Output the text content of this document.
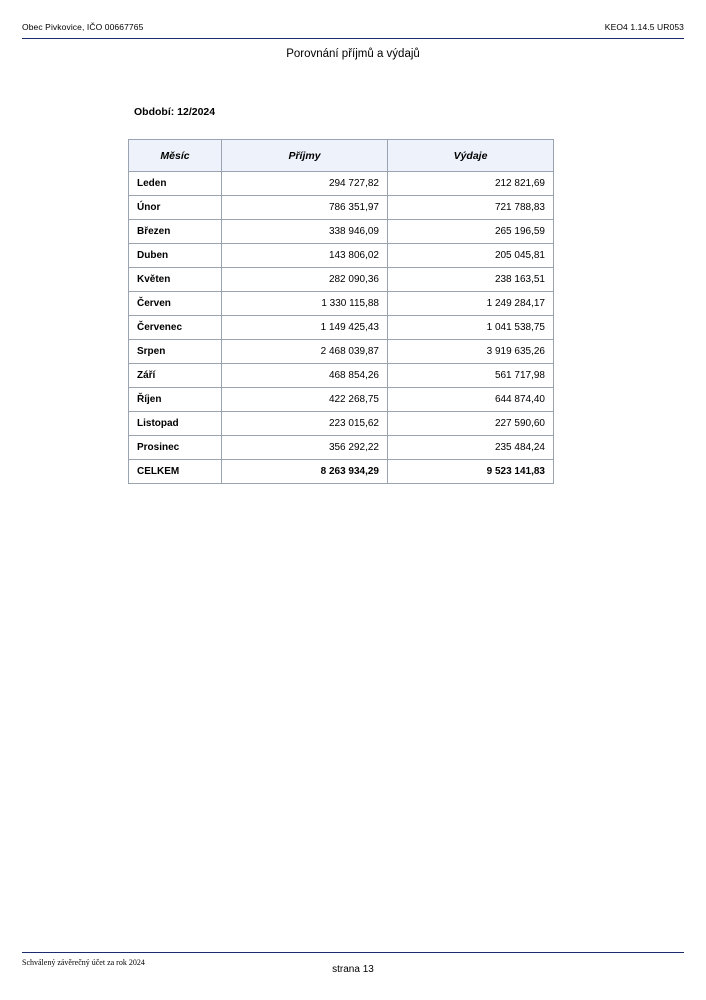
Obec Pivkovice, IČO 00667765	KEO4 1.14.5 UR053
Porovnání příjmů a výdajů
Období: 12/2024
Měsíc	Příjmy	Výdaje
Leden	294 727,82	212 821,69
Únor	786 351,97	721 788,83
Březen	338 946,09	265 196,59
Duben	143 806,02	205 045,81
Květen	282 090,36	238 163,51
Červen	1 330 115,88	1 249 284,17
Červenec	1 149 425,43	1 041 538,75
Srpen	2 468 039,87	3 919 635,26
Září	468 854,26	561 717,98
Říjen	422 268,75	644 874,40
Listopad	223 015,62	227 590,60
Prosinec	356 292,22	235 484,24
CELKEM	8 263 934,29	9 523 141,83
Schválený závěrečný účet za rok 2024
strana 13
